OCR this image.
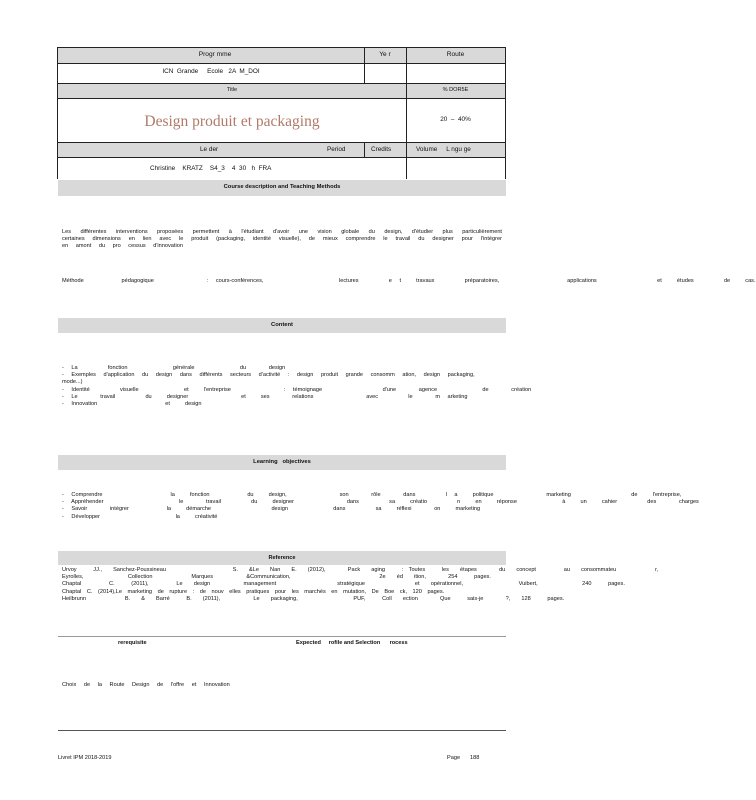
Progr mme	Ye r	Route
ICN  Grande     Ecole   2A  M_DOI
Title	% DOR5E
Design produit et packaging	20  –  40%
Le der	Period	Credits	Volume     L ngu ge
Christine    KRATZ    S4_3    4  30   h  FRA
Course description and Teaching Methods
Les différentes interventions proposées permettent à l'étudiant d'avoir une vision globale du design, d'étudier plus particulièrement certaines dimensions en lien avec le produit (packaging, identité visuelle), de mieux comprendre le travail du designer pour l'intégrer en amont du pro cessus d'innovation
Méthode     pédagogique       : cours-conférences,          lectures    e t  travaux    préparatoires,         applications        et  études    de  cas.
Content

- La    fonction      générale      du   design

- Exemples d'application du design dans différents secteurs d'activité : design produit grande consomm ation, design packaging, mode...)

- Identité    visuelle      et  l'entreprise       : témoignage        d'une   agence      de   création

- Le   travail    du  designer       et  ses   relations       avec    le   m arketing

- Innovation         et  design

Learning   objectives

- Comprendre         la  fonction     du  design,       son   rôle   dans    l a  politique       marketing        de  l'entreprise,

- Appréhender          le   travail    du  designer       dans    sa  créatio    n  en  réponse      à  un  cahier    des   charges

- Savoir   intégrer     la  démarche        design      dans    sa  réflexi   on  marketing

- Développer          la  créativité

Reference

Urvoy   JJ.,  Sanchez-Poussineau            S.  &Le  Nan  E.  (2012),    Pack  aging   : Toutes   les  étapes    du  concept     au  consommateu       r,

Eyrolles,        Collection       Marques      &Communication,                2e  éd  ition,    254   pages.

Chaptal     C.   (2011),     Le  design      management           stratégique         et  opérationnel,          Vuibert,        240   pages.

Chaptal C. (2014),Le marketing de rupture : de nouv elles pratiques pour les marchés en mutation, De Boe ck, 120 pages.

Heilbrunn       B.  &  Barré   B.  (2011),      Le  packaging,          PUF,   Coll  ection    Que   sais-je    ?,  128   pages.

rerequisite	Expected     rofile and Selection      rocess
Choix de la Route Design de l'offre et Innovation
Livret IPM 2018-2019	Page 188
